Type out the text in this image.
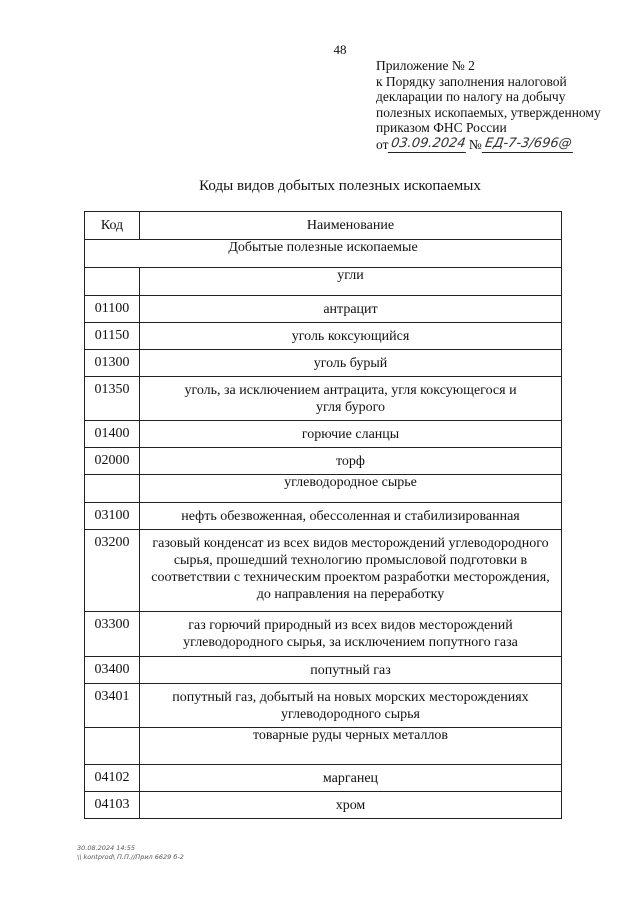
48
Приложение № 2
к Порядку заполнения налоговой
декларации по налогу на добычу
полезных ископаемых, утвержденному
приказом ФНС России
от 03.09.2024 № ЕД-7-3/696@
Коды видов добытых полезных ископаемых
Код	Наименование
Добытые полезные ископаемые	
	угли
01100	антрацит
01150	уголь коксующийся
01300	уголь бурый
01350	уголь, за исключением антрацита, угля коксующегося и угля бурого
01400	горючие сланцы
02000	торф
	углеводородное сырье
03100	нефть обезвоженная, обессоленная и стабилизированная
03200	газовый конденсат из всех видов месторождений углеводородного сырья, прошедший технологию промысловой подготовки в соответствии с техническим проектом разработки месторождения, до направления на переработку
03300	газ горючий природный из всех видов месторождений углеводородного сырья, за исключением попутного газа
03400	попутный газ
03401	попутный газ, добытый на новых морских месторождениях углеводородного сырья
	товарные руды черных металлов
04102	марганец
04103	хром
30.08.2024 14:55
\\ kontprod\ П.П.//Прил 6629 б-2
